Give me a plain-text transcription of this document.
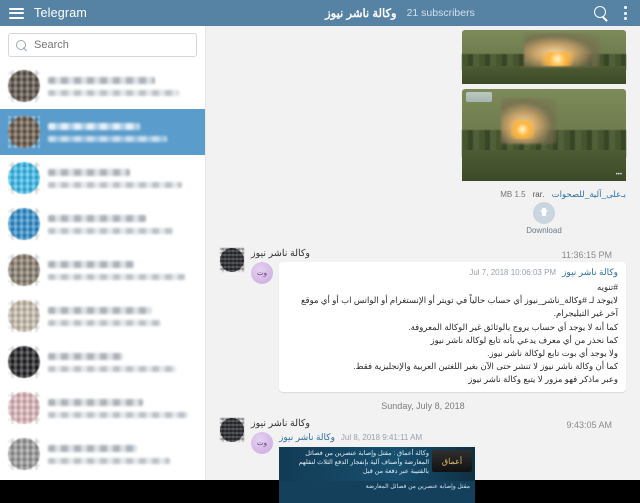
Telegram	وكالة ناشر نيوز 21 subscribers
Search
•••
بـ‌علی_آلیة_للصحوات
.rar
1.5 MB
Download
11:36:15 PM
وكالة ناشر نيوز
وت	وكالة ناشر نيوز
Jul 7, 2018 10:06:03 PM
#تنويه
لايوجد لـ #وكالة_ناشر_نيوز أي حساب حالياً في تويتر أو الإنستغرام أو الواتس اب أو أي موقع آخر غير التيليجرام.
كما أنه لا يوجد أي حساب يروج بالوثائق غير الوكالة المعروفة.
كما نحذر من أي معرف يدعي بأنه تابع لوكالة ناشر نيوز
ولا يوجد أي بوت تابع لوكالة ناشر نيوز.
كما أن وكالة ناشر نيوز لا تنشر حتى الآن بغير اللغتين العربية والإنجليزية فقط.
وعبر ماذكر فهو مزور لا يتبع وكالة ناشر نيوز
Sunday, July 8, 2018
9:43:05 AM
وكالة ناشر نيوز
وت
وكالة ناشر نيوز Jul 8, 2018 9:41:11 AM
وكالة أعماق : مقتل وإصابة عنصرين من فصائل المعارضة وأصناف آلية بإنفجار الدفع الثلاث لنقلهم بالقتيبة عبر دفعة من قبل
أعماق
مقتل وإصابة عنصرين من فصائل المعارضة
